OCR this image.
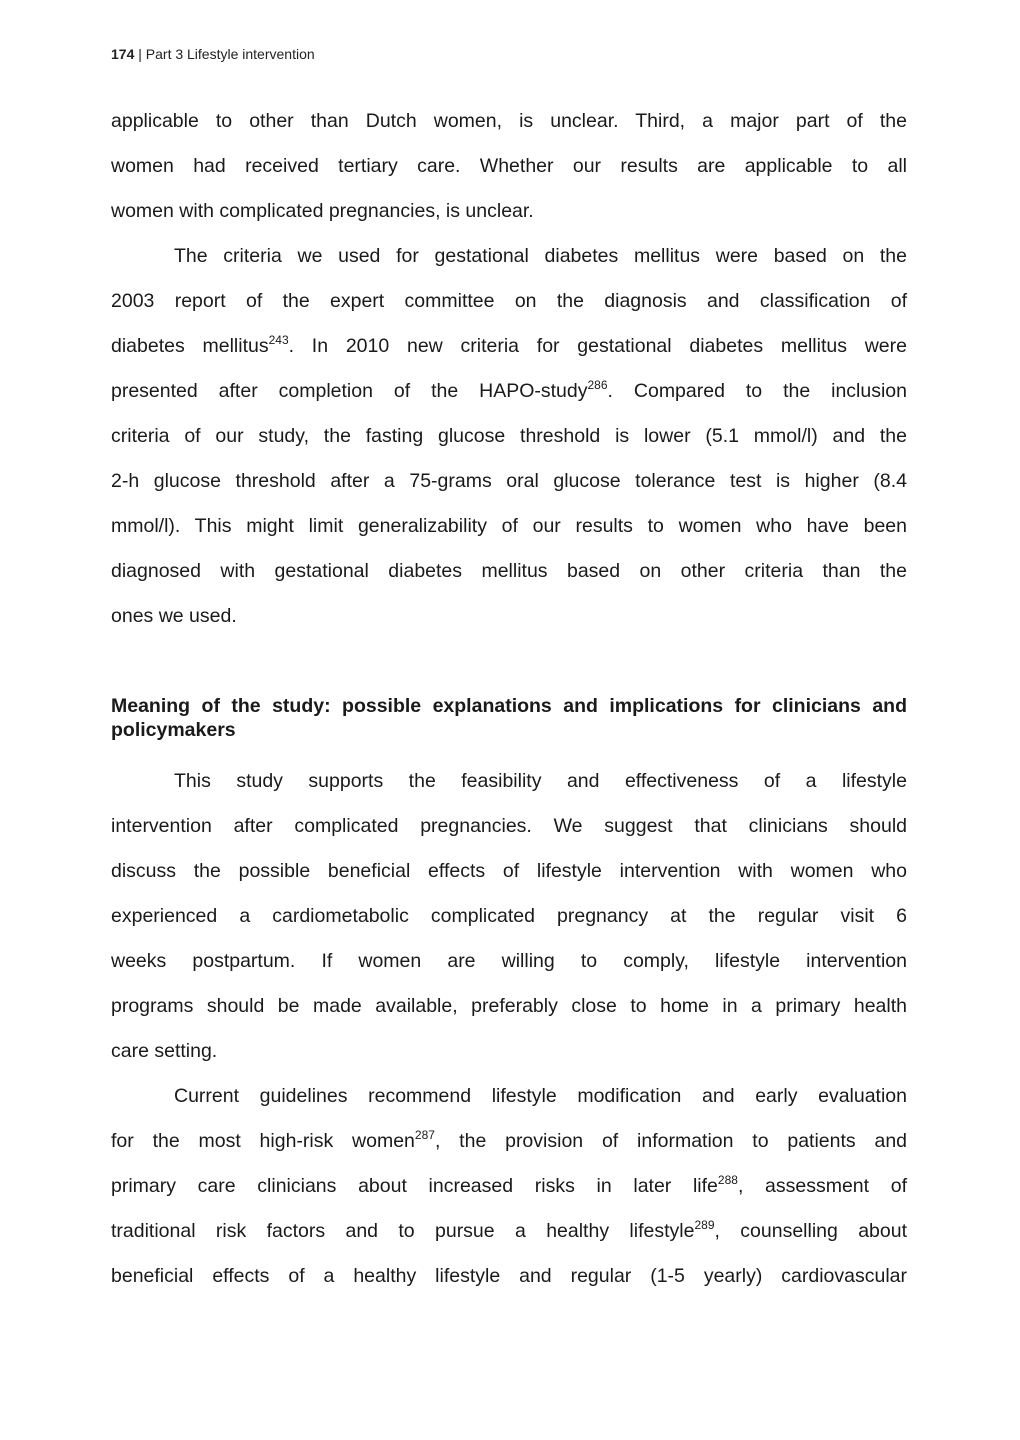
174 | Part 3 Lifestyle intervention
applicable to other than Dutch women, is unclear. Third, a major part of the
women had received tertiary care. Whether our results are applicable to all
women with complicated pregnancies, is unclear.
The criteria we used for gestational diabetes mellitus were based on the
2003 report of the expert committee on the diagnosis and classification of
diabetes mellitus$^{243}$. In 2010 new criteria for gestational diabetes mellitus were
presented after completion of the HAPO-study$^{286}$. Compared to the inclusion
criteria of our study, the fasting glucose threshold is lower (5.1 mmol/l) and the
2-h glucose threshold after a 75-grams oral glucose tolerance test is higher (8.4
mmol/l). This might limit generalizability of our results to women who have been
diagnosed with gestational diabetes mellitus based on other criteria than the
ones we used.
Meaning of the study: possible explanations and implications for clinicians and
policymakers
This study supports the feasibility and effectiveness of a lifestyle
intervention after complicated pregnancies. We suggest that clinicians should
discuss the possible beneficial effects of lifestyle intervention with women who
experienced a cardiometabolic complicated pregnancy at the regular visit 6
weeks postpartum. If women are willing to comply, lifestyle intervention
programs should be made available, preferably close to home in a primary health
care setting.
Current guidelines recommend lifestyle modification and early evaluation
for the most high-risk women$^{287}$, the provision of information to patients and
primary care clinicians about increased risks in later life$^{288}$, assessment of
traditional risk factors and to pursue a healthy lifestyle$^{289}$, counselling about
beneficial effects of a healthy lifestyle and regular (1-5 yearly) cardiovascular
